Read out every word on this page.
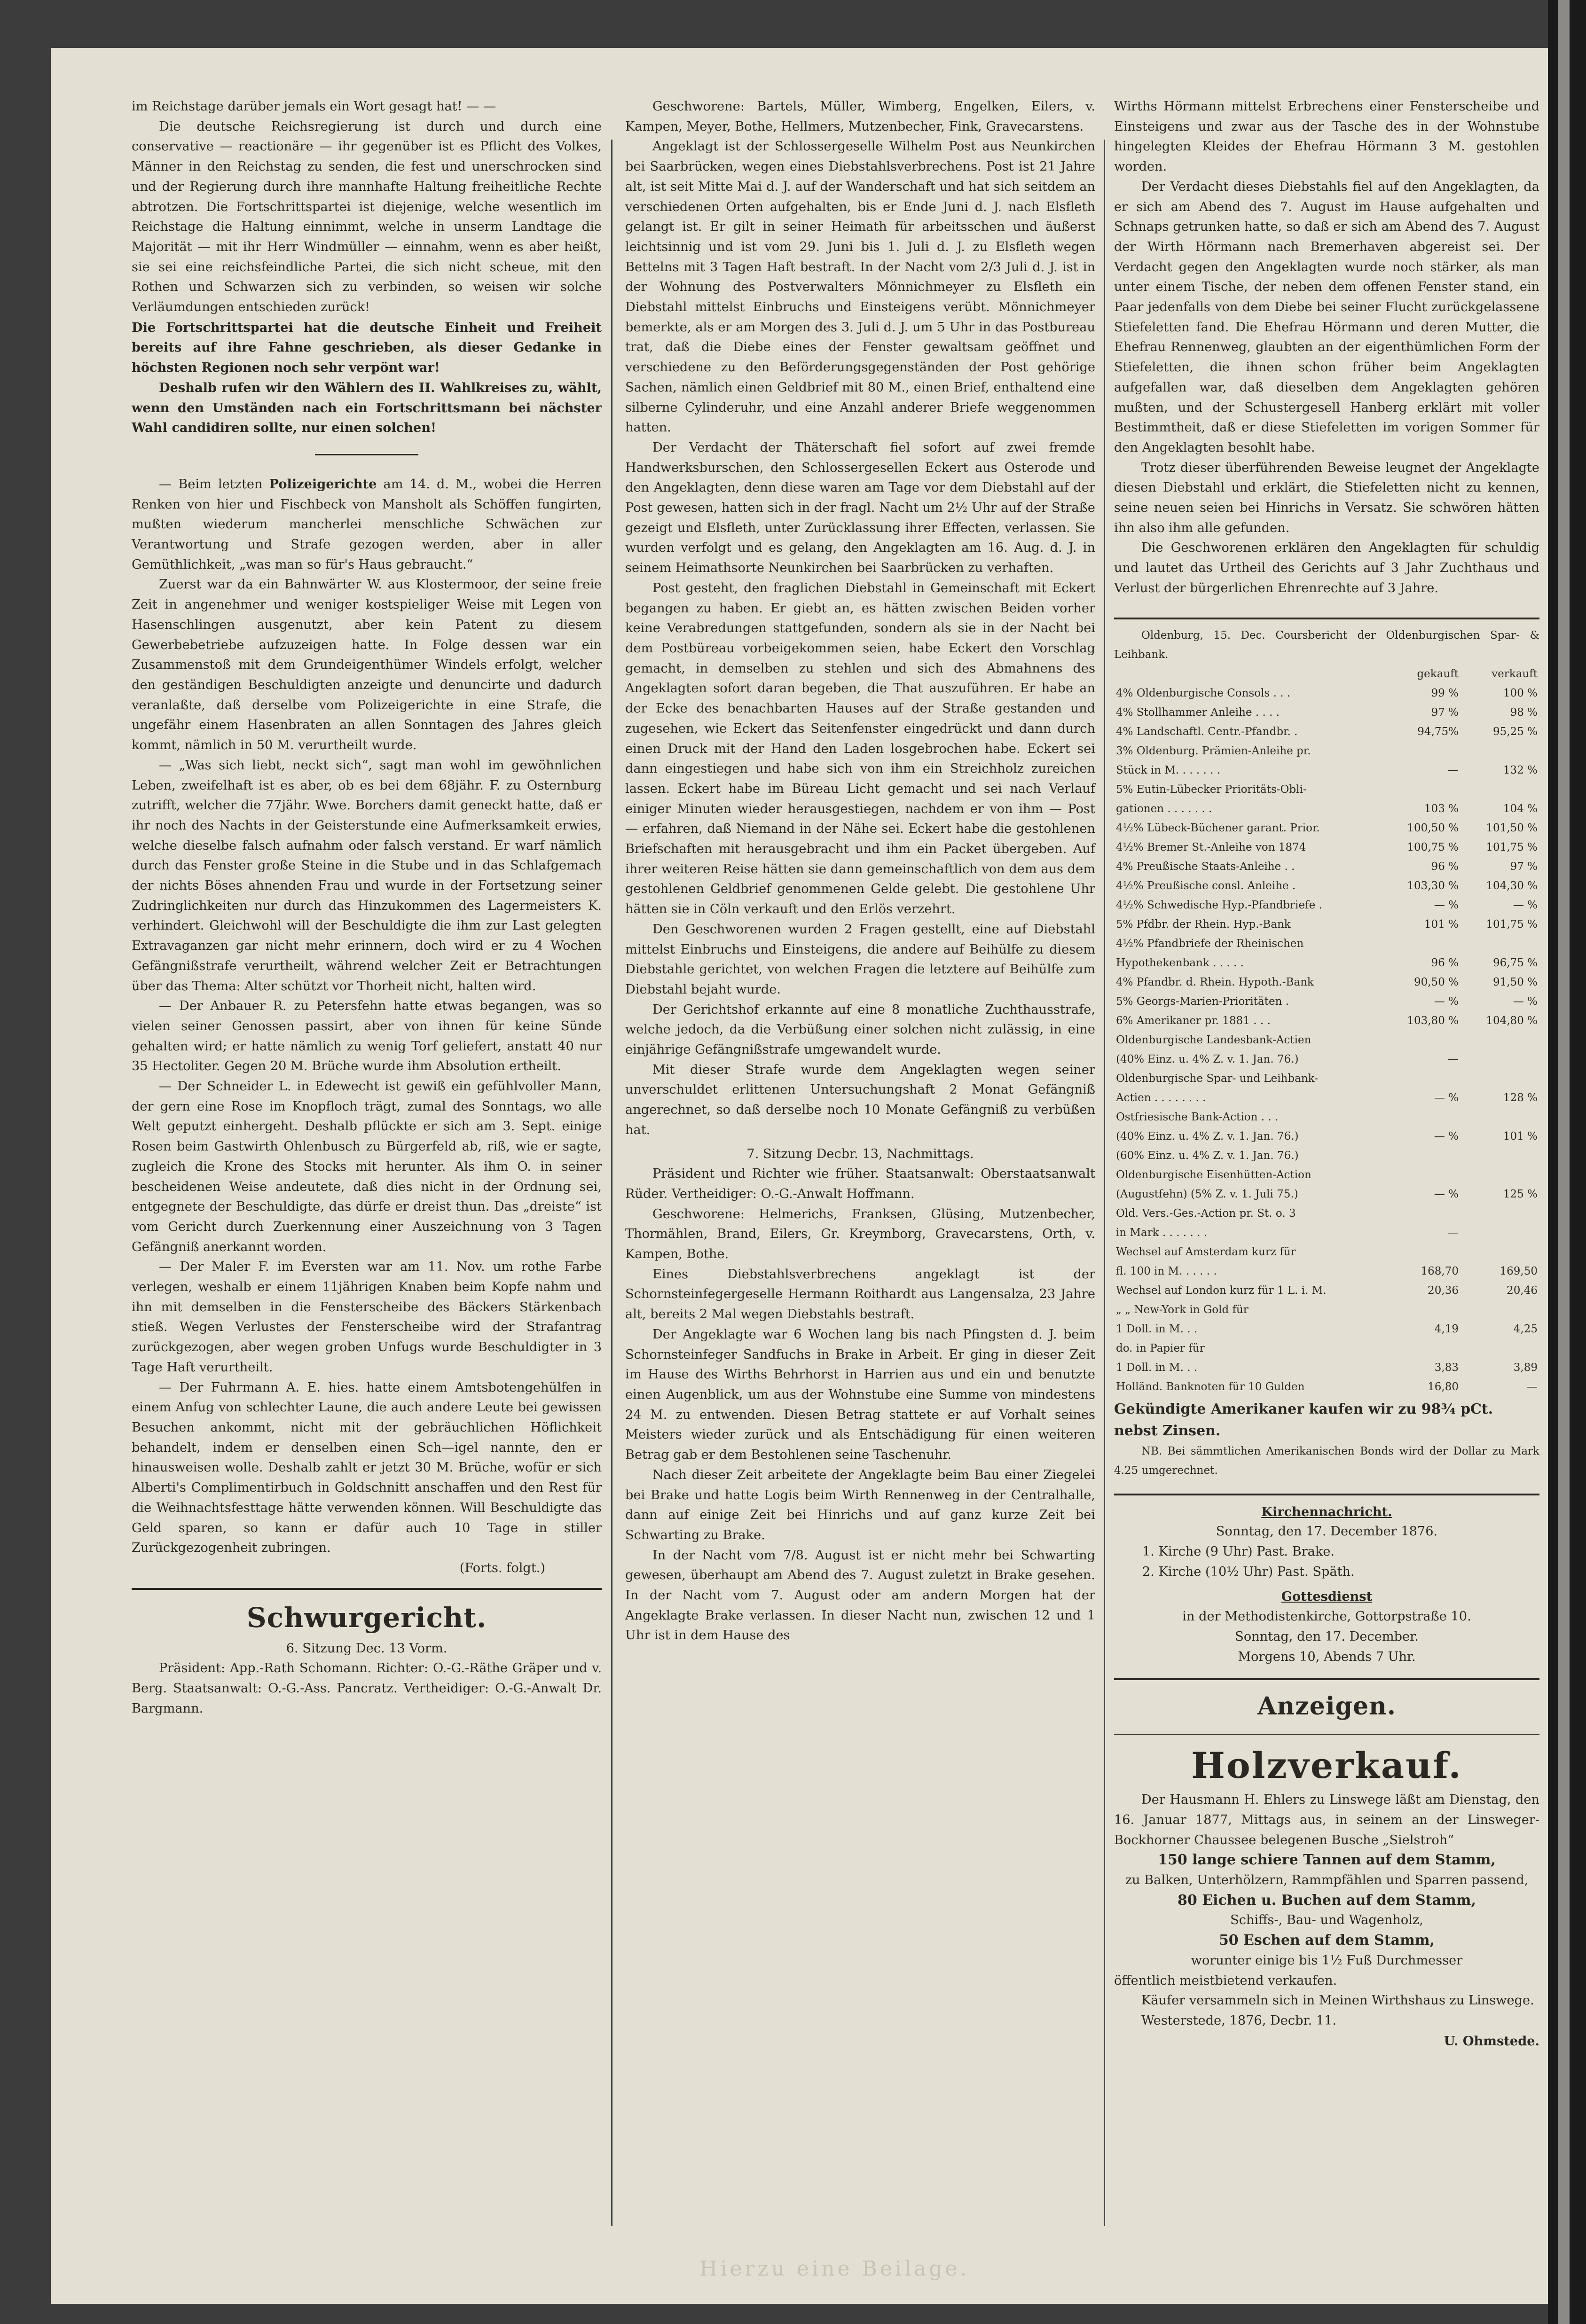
im Reichstage darüber jemals ein Wort gesagt hat! — —

Die deutsche Reichsregierung ist durch und durch eine conservative — reactionäre — ihr gegenüber ist es Pflicht des Volkes, Männer in den Reichstag zu senden, die fest und unerschrocken sind und der Regierung durch ihre mannhafte Haltung freiheitliche Rechte abtrotzen. Die Fortschrittspartei ist diejenige, welche wesentlich im Reichstage die Haltung einnimmt, welche in unserm Landtage die Majorität — mit ihr Herr Windmüller — einnahm, wenn es aber heißt, sie sei eine reichsfeindliche Partei, die sich nicht scheue, mit den Rothen und Schwarzen sich zu verbinden, so weisen wir solche Verläumdungen entschieden zurück!

Die Fortschrittspartei hat die deutsche Einheit und Freiheit bereits auf ihre Fahne geschrieben, als dieser Gedanke in höchsten Regionen noch sehr verpönt war!

Deshalb rufen wir den Wählern des II. Wahlkreises zu, wählt, wenn den Umständen nach ein Fortschrittsmann bei nächster Wahl candidiren sollte, nur einen solchen!

— Beim letzten Polizeigerichte am 14. d. M., wobei die Herren Renken von hier und Fischbeck von Mansholt als Schöffen fungirten, mußten wiederum mancherlei menschliche Schwächen zur Verantwortung und Strafe gezogen werden, aber in aller Gemüthlichkeit, „was man so für's Haus gebraucht.“

Zuerst war da ein Bahnwärter W. aus Klostermoor, der seine freie Zeit in angenehmer und weniger kostspieliger Weise mit Legen von Hasenschlingen ausgenutzt, aber kein Patent zu diesem Gewerbebetriebe aufzuzeigen hatte. In Folge dessen war ein Zusammenstoß mit dem Grundeigenthümer Windels erfolgt, welcher den geständigen Beschuldigten anzeigte und denuncirte und dadurch veranlaßte, daß derselbe vom Polizeigerichte in eine Strafe, die ungefähr einem Hasenbraten an allen Sonntagen des Jahres gleich kommt, nämlich in 50 M. verurtheilt wurde.

— „Was sich liebt, neckt sich“, sagt man wohl im gewöhnlichen Leben, zweifelhaft ist es aber, ob es bei dem 68jähr. F. zu Osternburg zutrifft, welcher die 77jähr. Wwe. Borchers damit geneckt hatte, daß er ihr noch des Nachts in der Geisterstunde eine Aufmerksamkeit erwies, welche dieselbe falsch aufnahm oder falsch verstand. Er warf nämlich durch das Fenster große Steine in die Stube und in das Schlafgemach der nichts Böses ahnenden Frau und wurde in der Fortsetzung seiner Zudringlichkeiten nur durch das Hinzukommen des Lagermeisters K. verhindert. Gleichwohl will der Beschuldigte die ihm zur Last gelegten Extravaganzen gar nicht mehr erinnern, doch wird er zu 4 Wochen Gefängnißstrafe verurtheilt, während welcher Zeit er Betrachtungen über das Thema: Alter schützt vor Thorheit nicht, halten wird.

— Der Anbauer R. zu Petersfehn hatte etwas begangen, was so vielen seiner Genossen passirt, aber von ihnen für keine Sünde gehalten wird; er hatte nämlich zu wenig Torf geliefert, anstatt 40 nur 35 Hectoliter. Gegen 20 M. Brüche wurde ihm Absolution ertheilt.

— Der Schneider L. in Edewecht ist gewiß ein gefühlvoller Mann, der gern eine Rose im Knopfloch trägt, zumal des Sonntags, wo alle Welt geputzt einhergeht. Deshalb pflückte er sich am 3. Sept. einige Rosen beim Gastwirth Ohlenbusch zu Bürgerfeld ab, riß, wie er sagte, zugleich die Krone des Stocks mit herunter. Als ihm O. in seiner bescheidenen Weise andeutete, daß dies nicht in der Ordnung sei, entgegnete der Beschuldigte, das dürfe er dreist thun. Das „dreiste“ ist vom Gericht durch Zuerkennung einer Auszeichnung von 3 Tagen Gefängniß anerkannt worden.

— Der Maler F. im Eversten war am 11. Nov. um rothe Farbe verlegen, weshalb er einem 11jährigen Knaben beim Kopfe nahm und ihn mit demselben in die Fensterscheibe des Bäckers Stärkenbach stieß. Wegen Verlustes der Fensterscheibe wird der Strafantrag zurückgezogen, aber wegen groben Unfugs wurde Beschuldigter in 3 Tage Haft verurtheilt.

— Der Fuhrmann A. E. hies. hatte einem Amtsbotengehülfen in einem Anfug von schlechter Laune, die auch andere Leute bei gewissen Besuchen ankommt, nicht mit der gebräuchlichen Höflichkeit behandelt, indem er denselben einen Sch—igel nannte, den er hinausweisen wolle. Deshalb zahlt er jetzt 30 M. Brüche, wofür er sich Alberti's Complimentirbuch in Goldschnitt anschaffen und den Rest für die Weihnachtsfesttage hätte verwenden können. Will Beschuldigte das Geld sparen, so kann er dafür auch 10 Tage in stiller Zurückgezogenheit zubringen.

(Forts. folgt.)

Schwurgericht.

6. Sitzung Dec. 13 Vorm.

Präsident: App.-Rath Schomann. Richter: O.-G.-Räthe Gräper und v. Berg. Staatsanwalt: O.-G.-Ass. Pancratz. Vertheidiger: O.-G.-Anwalt Dr. Bargmann.

Geschworene: Bartels, Müller, Wimberg, Engelken, Eilers, v. Kampen, Meyer, Bothe, Hellmers, Mutzenbecher, Fink, Gravecarstens.

Angeklagt ist der Schlossergeselle Wilhelm Post aus Neunkirchen bei Saarbrücken, wegen eines Diebstahlsverbrechens. Post ist 21 Jahre alt, ist seit Mitte Mai d. J. auf der Wanderschaft und hat sich seitdem an verschiedenen Orten aufgehalten, bis er Ende Juni d. J. nach Elsfleth gelangt ist. Er gilt in seiner Heimath für arbeitsschen und äußerst leichtsinnig und ist vom 29. Juni bis 1. Juli d. J. zu Elsfleth wegen Bettelns mit 3 Tagen Haft bestraft. In der Nacht vom 2/3 Juli d. J. ist in der Wohnung des Postverwalters Mönnichmeyer zu Elsfleth ein Diebstahl mittelst Einbruchs und Einsteigens verübt. Mönnichmeyer bemerkte, als er am Morgen des 3. Juli d. J. um 5 Uhr in das Postbureau trat, daß die Diebe eines der Fenster gewaltsam geöffnet und verschiedene zu den Beförderungsgegenständen der Post gehörige Sachen, nämlich einen Geldbrief mit 80 M., einen Brief, enthaltend eine silberne Cylinderuhr, und eine Anzahl anderer Briefe weggenommen hatten.

Der Verdacht der Thäterschaft fiel sofort auf zwei fremde Handwerksburschen, den Schlossergesellen Eckert aus Osterode und den Angeklagten, denn diese waren am Tage vor dem Diebstahl auf der Post gewesen, hatten sich in der fragl. Nacht um 2½ Uhr auf der Straße gezeigt und Elsfleth, unter Zurücklassung ihrer Effecten, verlassen. Sie wurden verfolgt und es gelang, den Angeklagten am 16. Aug. d. J. in seinem Heimathsorte Neunkirchen bei Saarbrücken zu verhaften.

Post gesteht, den fraglichen Diebstahl in Gemeinschaft mit Eckert begangen zu haben. Er giebt an, es hätten zwischen Beiden vorher keine Verabredungen stattgefunden, sondern als sie in der Nacht bei dem Postbüreau vorbeigekommen seien, habe Eckert den Vorschlag gemacht, in demselben zu stehlen und sich des Abmahnens des Angeklagten sofort daran begeben, die That auszuführen. Er habe an der Ecke des benachbarten Hauses auf der Straße gestanden und zugesehen, wie Eckert das Seitenfenster eingedrückt und dann durch einen Druck mit der Hand den Laden losgebrochen habe. Eckert sei dann eingestiegen und habe sich von ihm ein Streichholz zureichen lassen. Eckert habe im Büreau Licht gemacht und sei nach Verlauf einiger Minuten wieder herausgestiegen, nachdem er von ihm — Post — erfahren, daß Niemand in der Nähe sei. Eckert habe die gestohlenen Briefschaften mit herausgebracht und ihm ein Packet übergeben. Auf ihrer weiteren Reise hätten sie dann gemeinschaftlich von dem aus dem gestohlenen Geldbrief genommenen Gelde gelebt. Die gestohlene Uhr hätten sie in Cöln verkauft und den Erlös verzehrt.

Den Geschworenen wurden 2 Fragen gestellt, eine auf Diebstahl mittelst Einbruchs und Einsteigens, die andere auf Beihülfe zu diesem Diebstahle gerichtet, von welchen Fragen die letztere auf Beihülfe zum Diebstahl bejaht wurde.

Der Gerichtshof erkannte auf eine 8 monatliche Zuchthausstrafe, welche jedoch, da die Verbüßung einer solchen nicht zulässig, in eine einjährige Gefängnißstrafe umgewandelt wurde.

Mit dieser Strafe wurde dem Angeklagten wegen seiner unverschuldet erlittenen Untersuchungshaft 2 Monat Gefängniß angerechnet, so daß derselbe noch 10 Monate Gefängniß zu verbüßen hat.

7. Sitzung Decbr. 13, Nachmittags.

Präsident und Richter wie früher. Staatsanwalt: Oberstaatsanwalt Rüder. Vertheidiger: O.-G.-Anwalt Hoffmann.

Geschworene: Helmerichs, Franksen, Glüsing, Mutzenbecher, Thormählen, Brand, Eilers, Gr. Kreymborg, Gravecarstens, Orth, v. Kampen, Bothe.

Eines Diebstahlsverbrechens angeklagt ist der Schornsteinfegergeselle Hermann Roithardt aus Langensalza, 23 Jahre alt, bereits 2 Mal wegen Diebstahls bestraft.

Der Angeklagte war 6 Wochen lang bis nach Pfingsten d. J. beim Schornsteinfeger Sandfuchs in Brake in Arbeit. Er ging in dieser Zeit im Hause des Wirths Behrhorst in Harrien aus und ein und benutzte einen Augenblick, um aus der Wohnstube eine Summe von mindestens 24 M. zu entwenden. Diesen Betrag stattete er auf Vorhalt seines Meisters wieder zurück und als Entschädigung für einen weiteren Betrag gab er dem Bestohlenen seine Taschenuhr.

Nach dieser Zeit arbeitete der Angeklagte beim Bau einer Ziegelei bei Brake und hatte Logis beim Wirth Rennenweg in der Centralhalle, dann auf einige Zeit bei Hinrichs und auf ganz kurze Zeit bei Schwarting zu Brake.

In der Nacht vom 7/8. August ist er nicht mehr bei Schwarting gewesen, überhaupt am Abend des 7. August zuletzt in Brake gesehen. In der Nacht vom 7. August oder am andern Morgen hat der Angeklagte Brake verlassen. In dieser Nacht nun, zwischen 12 und 1 Uhr ist in dem Hause des

Wirths Hörmann mittelst Erbrechens einer Fensterscheibe und Einsteigens und zwar aus der Tasche des in der Wohnstube hingelegten Kleides der Ehefrau Hörmann 3 M. gestohlen worden.

Der Verdacht dieses Diebstahls fiel auf den Angeklagten, da er sich am Abend des 7. August im Hause aufgehalten und Schnaps getrunken hatte, so daß er sich am Abend des 7. August der Wirth Hörmann nach Bremerhaven abgereist sei. Der Verdacht gegen den Angeklagten wurde noch stärker, als man unter einem Tische, der neben dem offenen Fenster stand, ein Paar jedenfalls von dem Diebe bei seiner Flucht zurückgelassene Stiefeletten fand. Die Ehefrau Hörmann und deren Mutter, die Ehefrau Rennenweg, glaubten an der eigenthümlichen Form der Stiefeletten, die ihnen schon früher beim Angeklagten aufgefallen war, daß dieselben dem Angeklagten gehören mußten, und der Schustergesell Hanberg erklärt mit voller Bestimmtheit, daß er diese Stiefeletten im vorigen Sommer für den Angeklagten besohlt habe.

Trotz dieser überführenden Beweise leugnet der Angeklagte diesen Diebstahl und erklärt, die Stiefeletten nicht zu kennen, seine neuen seien bei Hinrichs in Versatz. Sie schwören hätten ihn also ihm alle gefunden.

Die Geschworenen erklären den Angeklagten für schuldig und lautet das Urtheil des Gerichts auf 3 Jahr Zuchthaus und Verlust der bürgerlichen Ehrenrechte auf 3 Jahre.

Oldenburg, 15. Dec. Coursbericht der Oldenburgischen Spar- & Leihbank.

	gekauft	verkauft
4% Oldenburgische Consols . . .	99 %	100 %
4% Stollhammer Anleihe . . . .	97 %	98 %
4% Landschaftl. Centr.-Pfandbr. .	94,75%	95,25 %
3% Oldenburg. Prämien-Anleihe pr.		
Stück in M. . . . . . .	—	132 %
5% Eutin-Lübecker Prioritäts-Obli-		
gationen . . . . . . .	103 %	104 %
4½% Lübeck-Büchener garant. Prior.	100,50 %	101,50 %
4½% Bremer St.-Anleihe von 1874	100,75 %	101,75 %
4% Preußische Staats-Anleihe . .	96 %	97 %
4½% Preußische consl. Anleihe .	103,30 %	104,30 %
4½% Schwedische Hyp.-Pfandbriefe .	— %	— %
5% Pfdbr. der Rhein. Hyp.-Bank	101 %	101,75 %
4½% Pfandbriefe der Rheinischen		
Hypothekenbank . . . . .	96 %	96,75 %
4% Pfandbr. d. Rhein. Hypoth.-Bank	90,50 %	91,50 %
5% Georgs-Marien-Prioritäten .	— %	— %
6% Amerikaner pr. 1881 . . .	103,80 %	104,80 %
Oldenburgische Landesbank-Actien		
(40% Einz. u. 4% Z. v. 1. Jan. 76.)	—	
Oldenburgische Spar- und Leihbank-		
Actien . . . . . . . .	— %	128 %
Ostfriesische Bank-Action . . .		
(40% Einz. u. 4% Z. v. 1. Jan. 76.)	— %	101 %
(60% Einz. u. 4% Z. v. 1. Jan. 76.)		
Oldenburgische Eisenhütten-Action		
(Augustfehn) (5% Z. v. 1. Juli 75.)	— %	125 %
Old. Vers.-Ges.-Action pr. St. o. 3		
in Mark . . . . . . .	—	
Wechsel auf Amsterdam kurz für		
fl. 100 in M. . . . . .	168,70	169,50
Wechsel auf London kurz für 1 L. i. M.	20,36	20,46
„ „ New-York in Gold für		
1 Doll. in M. . .	4,19	4,25
do. in Papier für		
1 Doll. in M. . .	3,83	3,89
Holländ. Banknoten für 10 Gulden	16,80	—
Gekündigte Amerikaner kaufen wir zu 98¾ pCt. nebst Zinsen.

NB. Bei sämmtlichen Amerikanischen Bonds wird der Dollar zu Mark 4.25 umgerechnet.

Kirchennachricht.

Sonntag, den 17. December 1876.

1. Kirche (9 Uhr) Past. Brake.

2. Kirche (10½ Uhr) Past. Späth.

Gottesdienst

in der Methodistenkirche, Gottorpstraße 10.

Sonntag, den 17. December.

Morgens 10, Abends 7 Uhr.

Anzeigen.
Holzverkauf.

Der Hausmann H. Ehlers zu Linswege läßt am Dienstag, den 16. Januar 1877, Mittags aus, in seinem an der Linsweger-Bockhorner Chaussee belegenen Busche „Sielstroh“

150 lange schiere Tannen auf dem Stamm,

zu Balken, Unterhölzern, Rammpfählen und Sparren passend,

80 Eichen u. Buchen auf dem Stamm,

Schiffs-, Bau- und Wagenholz,

50 Eschen auf dem Stamm,

worunter einige bis 1½ Fuß Durchmesser

öffentlich meistbietend verkaufen.

Käufer versammeln sich in Meinen Wirthshaus zu Linswege.

Westerstede, 1876, Decbr. 11.

U. Ohmstede.

Hierzu eine Beilage.
